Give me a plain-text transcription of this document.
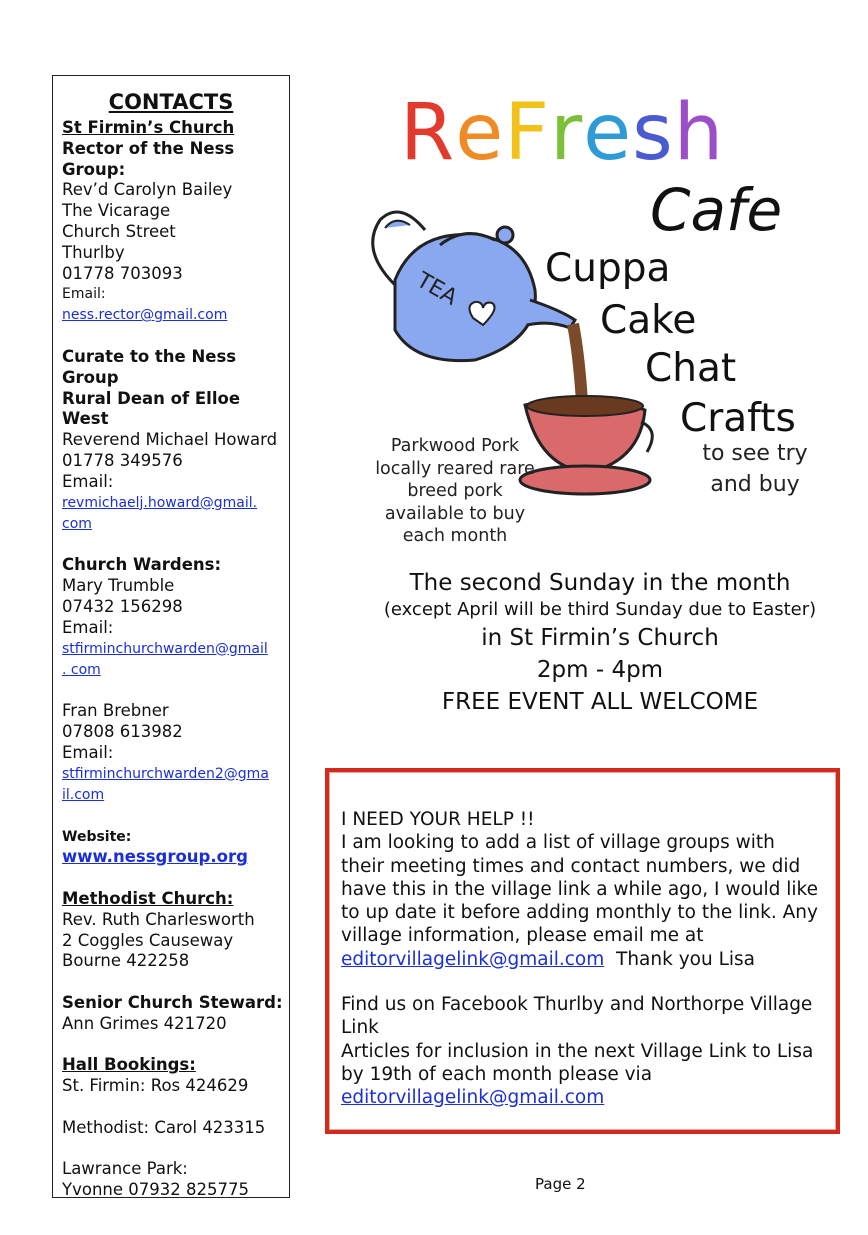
CONTACTS
St Firmin’s Church
Rector of the Ness
Group:
Rev’d Carolyn Bailey
The Vicarage
Church Street
Thurlby
01778 703093
Email:
ness.rector@gmail.com
Curate to the Ness
Group
Rural Dean of Elloe West
Reverend Michael Howard
01778 349576
Email:
revmichaelj.howard@gmail.
com
Church Wardens:
Mary Trumble
07432 156298
Email:
stfirminchurchwarden@gmail
. com
Fran Brebner
07808 613982
Email:
stfirminchurchwarden2@gma
il.com
Website:
www.nessgroup.org
Methodist Church:
Rev. Ruth Charlesworth
2 Coggles Causeway
Bourne 422258
Senior Church Steward:
Ann Grimes 421720
Hall Bookings:
St. Firmin: Ros 424629
Methodist: Carol 423315
Lawrance Park:
Yvonne 07932 825775
ReFresh
Cafe
TEA Cuppa
Cake
Chat
Crafts
to see try
and buy
Parkwood Pork
locally reared rare
breed pork
available to buy
each month
The second Sunday in the month
(except April will be third Sunday due to Easter)
in St Firmin’s Church
2pm - 4pm
FREE EVENT ALL WELCOME

I NEED YOUR HELP !!

I am looking to add a list of village groups with their meeting times and contact numbers, we did have this in the village link a while ago, I would like to up date it before adding monthly to the link. Any village information, please email me at
editorvillagelink@gmail.com Thank you Lisa

Find us on Facebook Thurlby and Northorpe Village Link

Articles for inclusion in the next Village Link to Lisa by 19th of each month please via

editorvillagelink@gmail.com

Page 2
